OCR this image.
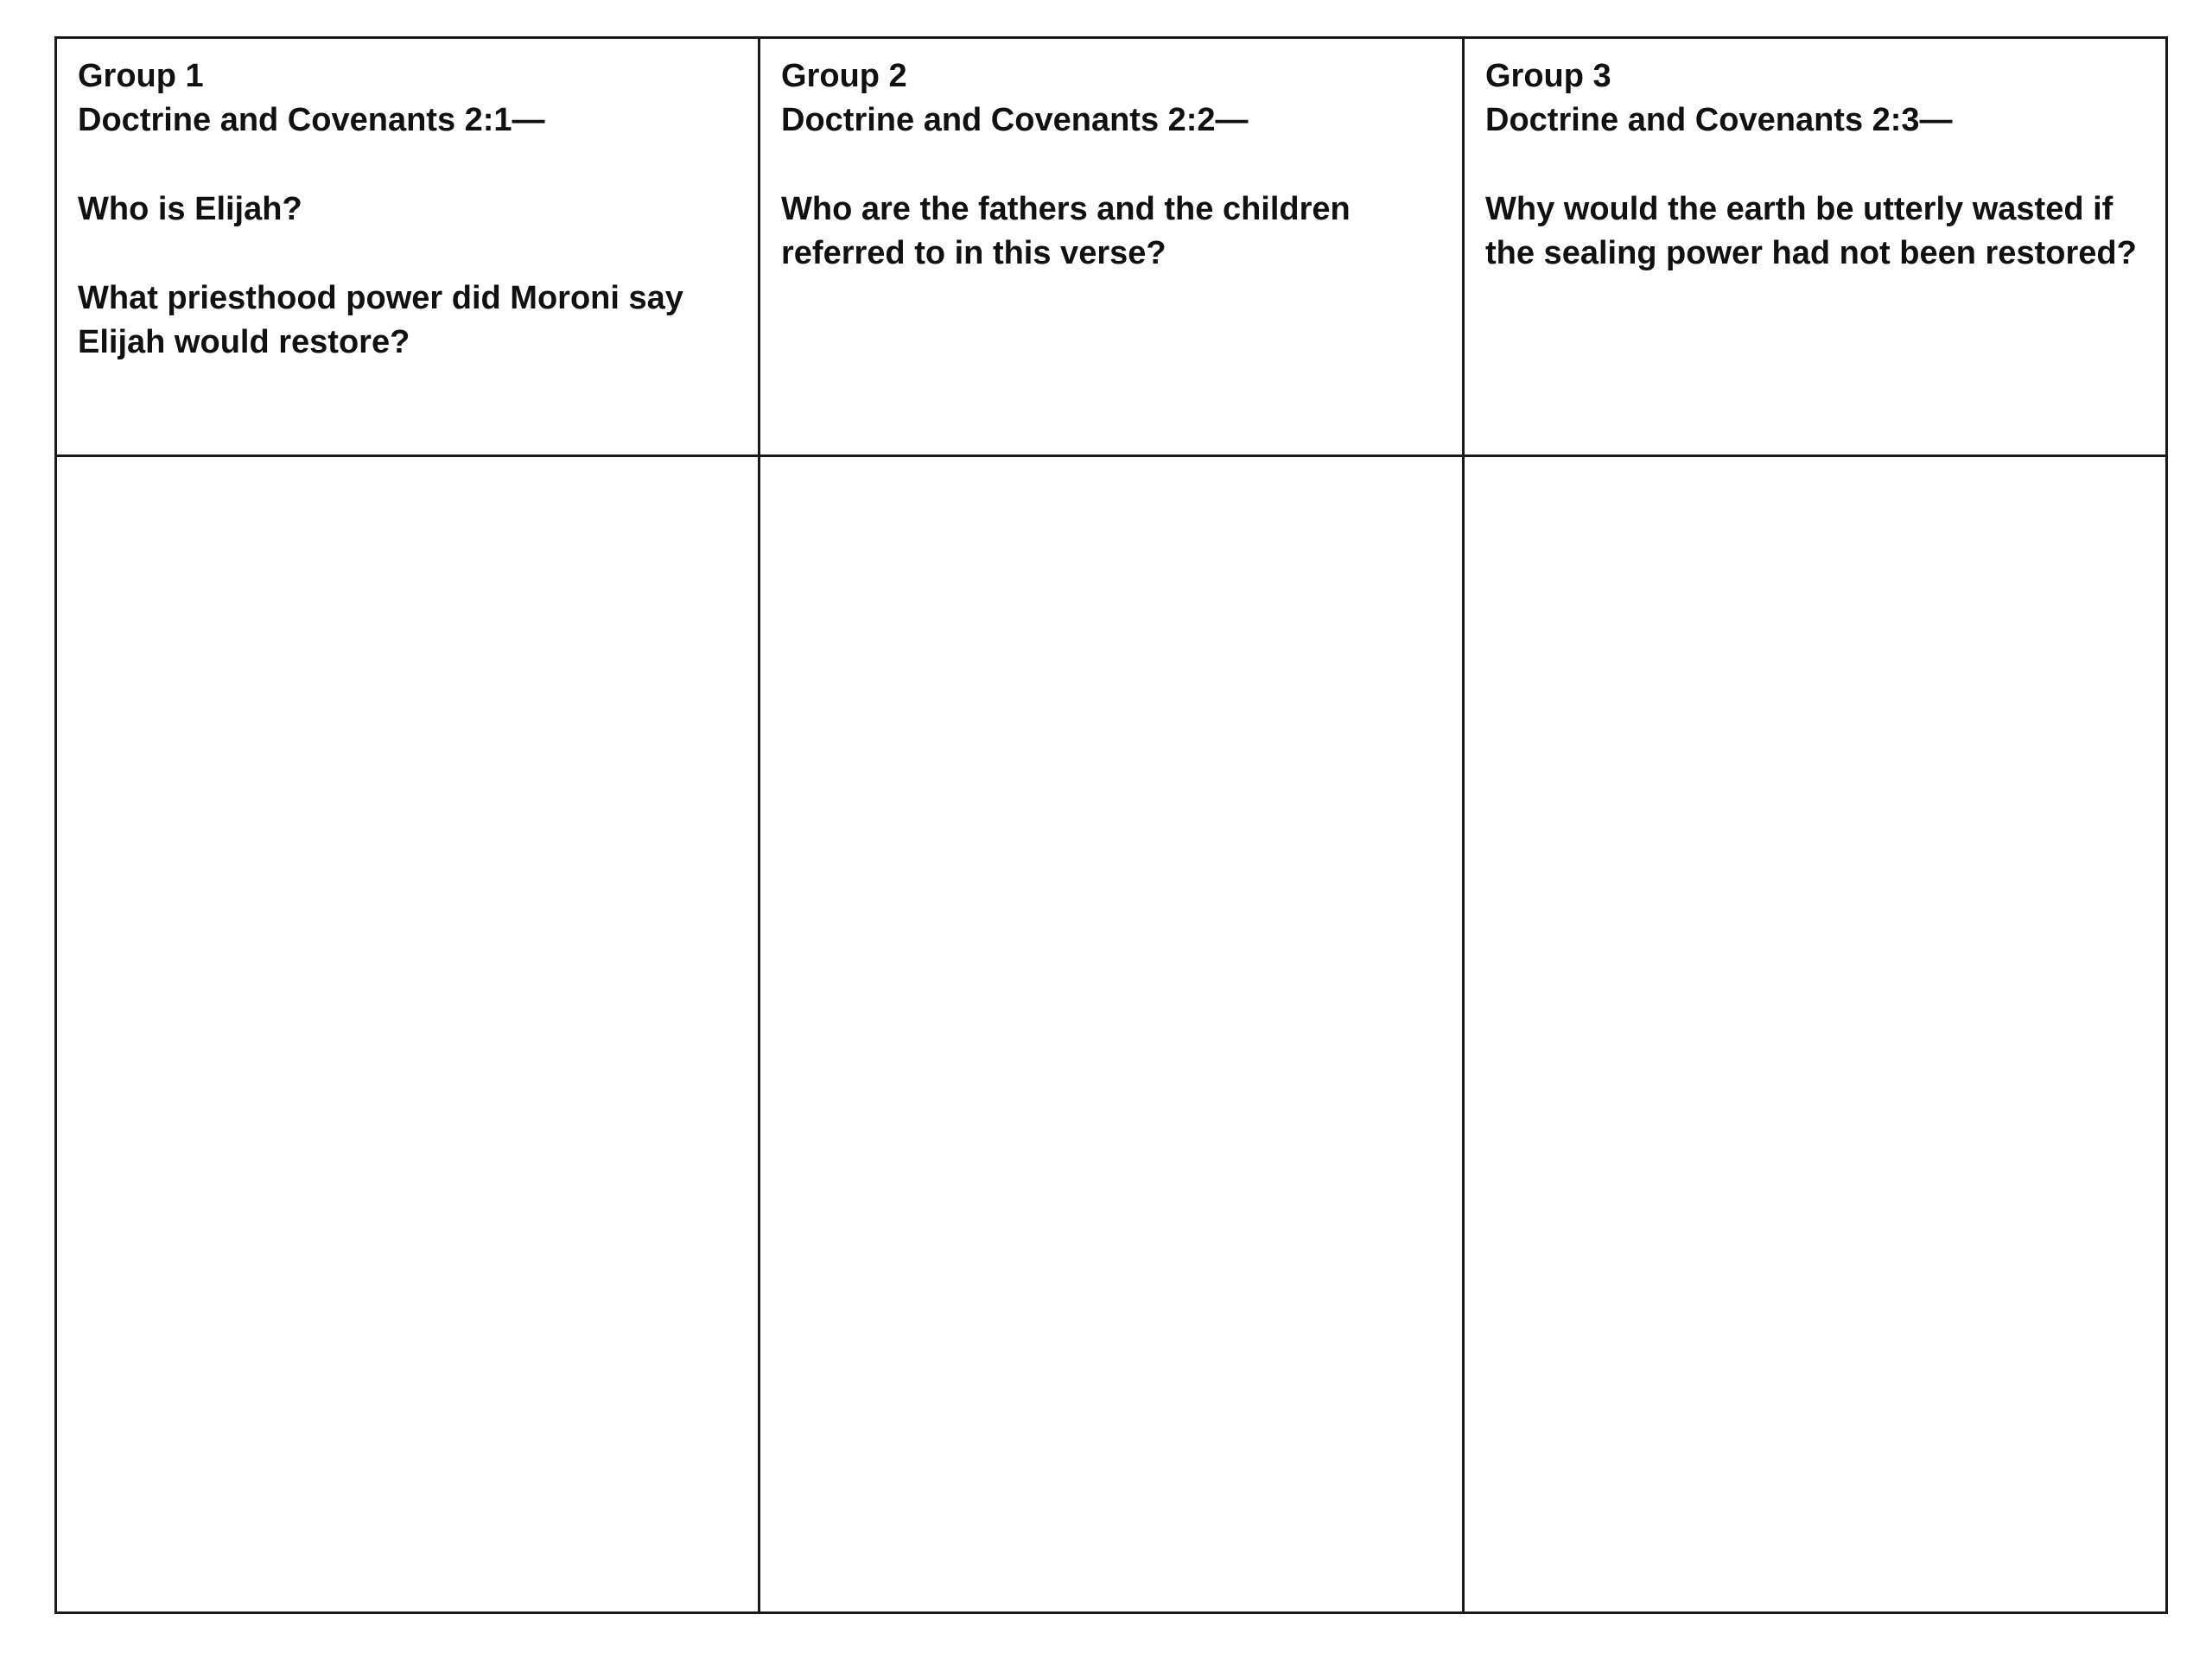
Group 1
Doctrine and Covenants 2:1—
Who is Elijah?
What priesthood power did Moroni say
Elijah would restore?
Group 2
Doctrine and Covenants 2:2—
Who are the fathers and the children
referred to in this verse?
Group 3
Doctrine and Covenants 2:3—
Why would the earth be utterly wasted if
the sealing power had not been restored?
